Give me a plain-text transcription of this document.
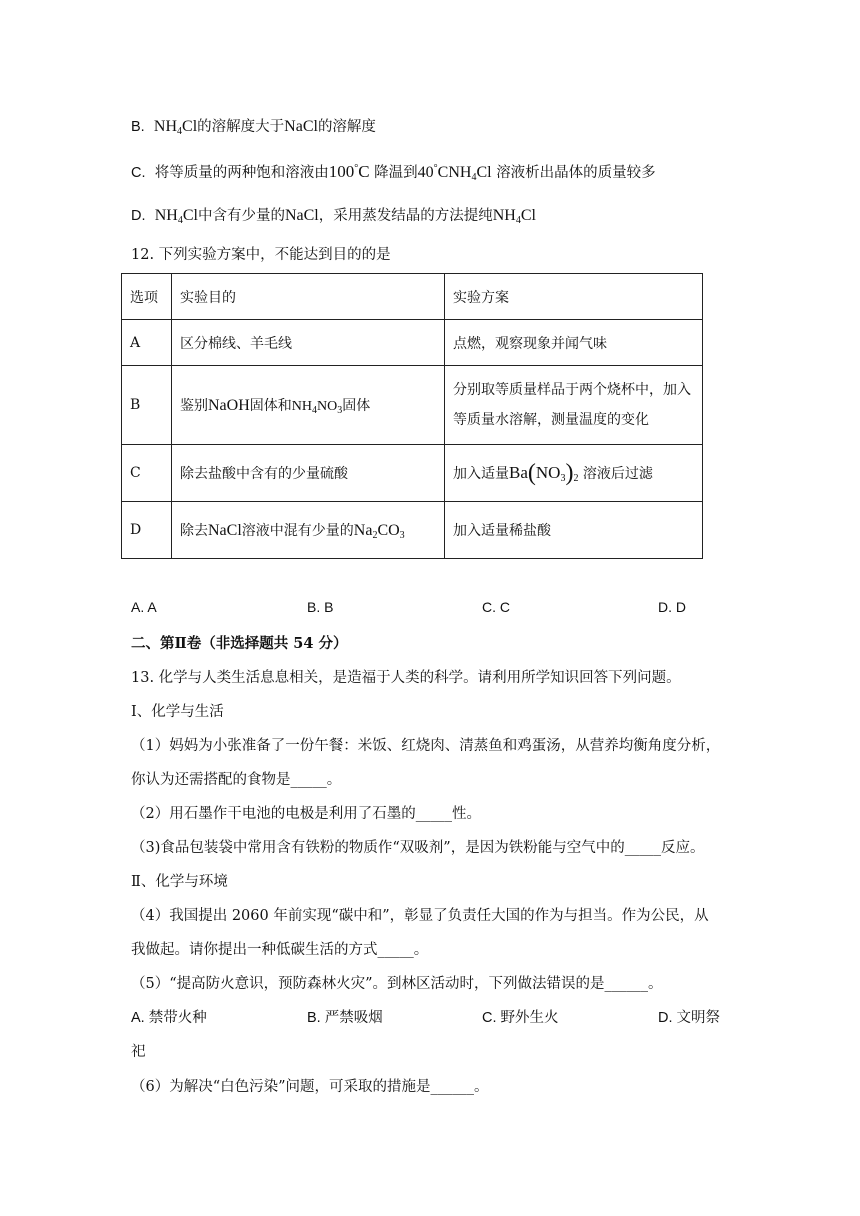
B. $NH_4Cl$的溶解度大于NaCl的溶解度
C. 将等质量的两种饱和溶液由100°C 降温到$40^\circ CNH_4Cl$ 溶液析出晶体的质量较多
D. $NH_4Cl$中含有少量的NaCl，采用蒸发结晶的方法提纯$NH_4Cl$
12. 下列实验方案中，不能达到目的的是
选项	实验目的	实验方案
A	区分棉线、羊毛线	点燃，观察现象并闻气味
B	鉴别NaOH固体和$NH_4NO_3$固体	分别取等质量样品于两个烧杯中，加入等质量水溶解，测量温度的变化
C	除去盐酸中含有的少量硫酸	加入适量$Ba(NO_3)_2$ 溶液后过滤
D	除去NaCl溶液中混有少量的$Na_2CO_3$	加入适量稀盐酸
A. A	B. B	C. C	D. D
二、第Ⅱ卷（非选择题共 54 分）
13. 化学与人类生活息息相关，是造福于人类的科学。请利用所学知识回答下列问题。
Ⅰ、化学与生活
（1）妈妈为小张准备了一份午餐：米饭、红烧肉、清蒸鱼和鸡蛋汤，从营养均衡角度分析，
你认为还需搭配的食物是_____。
（2）用石墨作干电池的电极是利用了石墨的_____性。
（3)食品包装袋中常用含有铁粉的物质作“双吸剂”，是因为铁粉能与空气中的_____反应。
Ⅱ、化学与环境
（4）我国提出 2060 年前实现“碳中和”，彰显了负责任大国的作为与担当。作为公民，从
我做起。请你提出一种低碳生活的方式_____。
（5）“提高防火意识，预防森林火灾”。到林区活动时，下列做法错误的是______。
A. 禁带火种	B. 严禁吸烟	C. 野外生火	D. 文明祭
祀
（6）为解决“白色污染”问题，可采取的措施是______。
